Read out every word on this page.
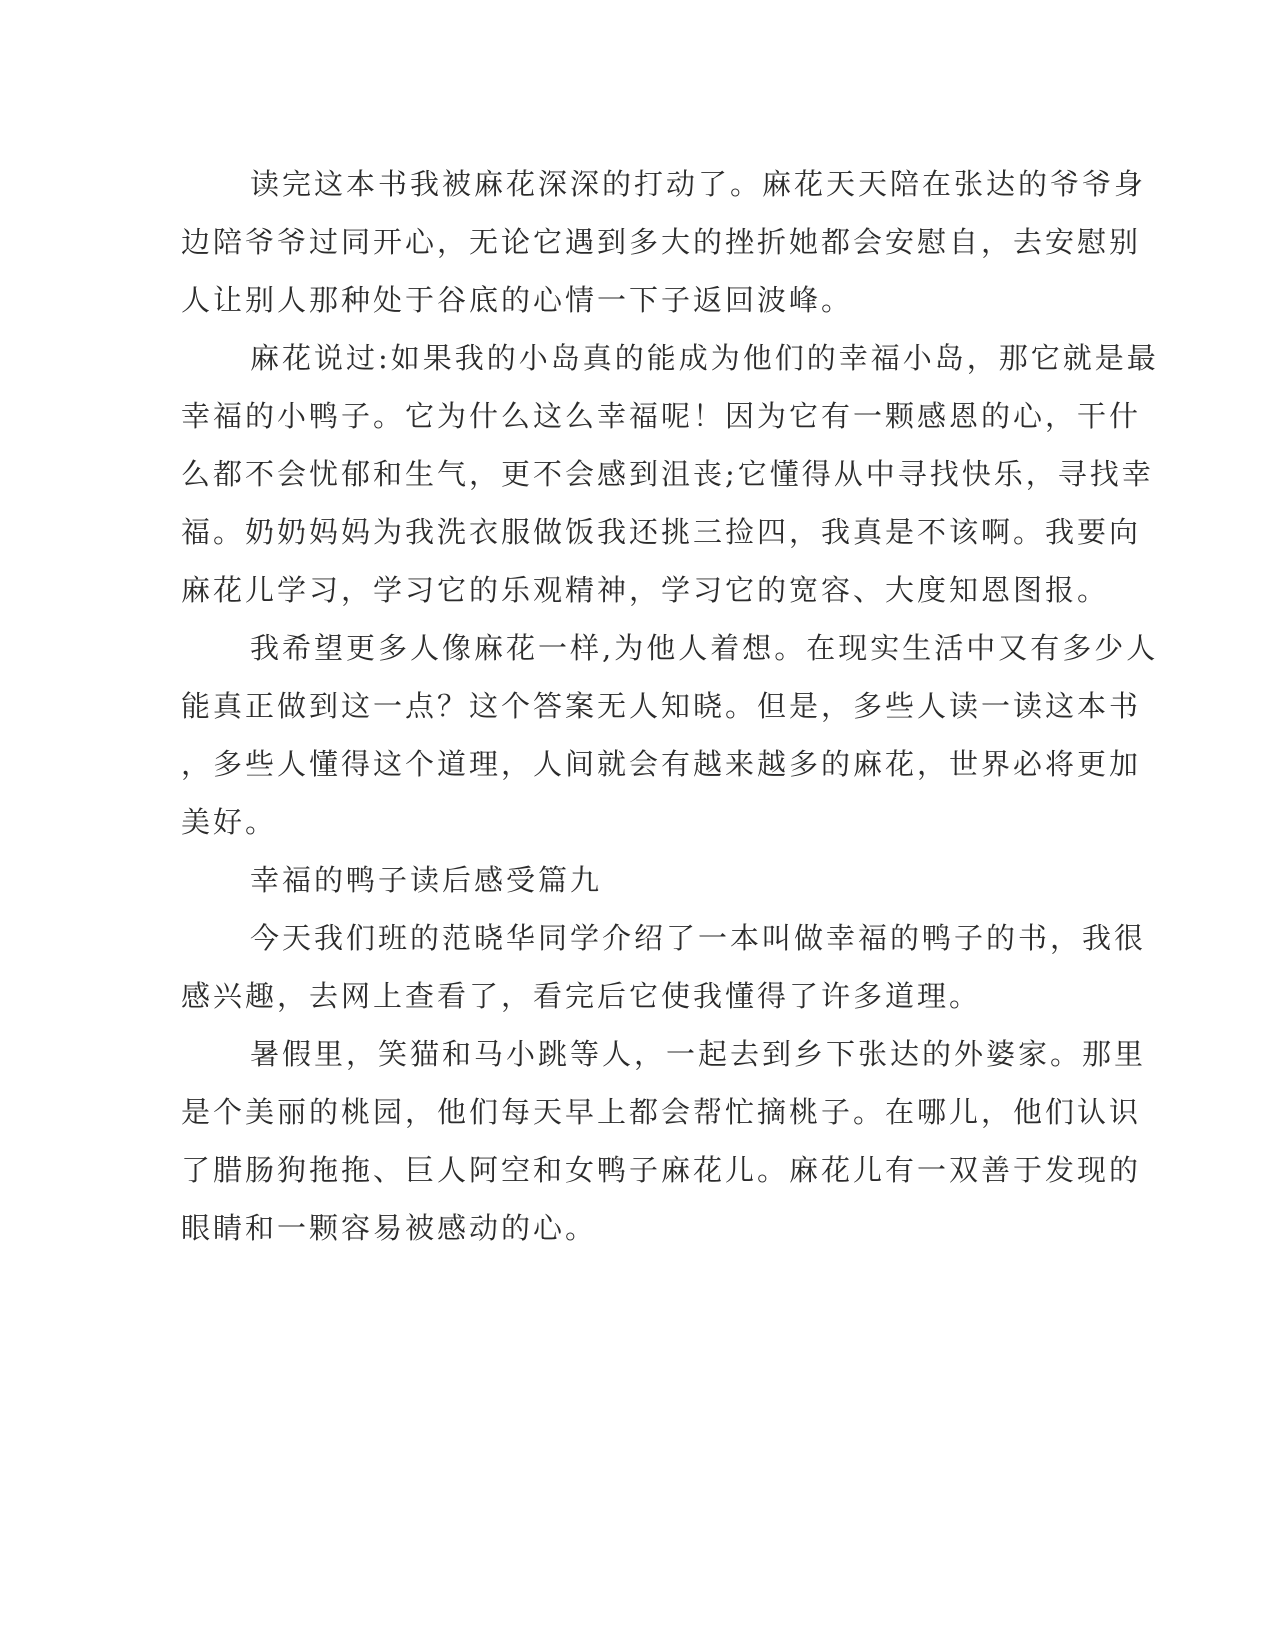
读完这本书我被麻花深深的打动了。麻花天天陪在张达的爷爷身
边陪爷爷过同开心，无论它遇到多大的挫折她都会安慰自，去安慰别
人让别人那种处于谷底的心情一下子返回波峰。
麻花说过:如果我的小岛真的能成为他们的幸福小岛，那它就是最
幸福的小鸭子。它为什么这么幸福呢！因为它有一颗感恩的心，干什
么都不会忧郁和生气，更不会感到沮丧;它懂得从中寻找快乐，寻找幸
福。奶奶妈妈为我洗衣服做饭我还挑三捡四，我真是不该啊。我要向
麻花儿学习，学习它的乐观精神，学习它的宽容、大度知恩图报。
我希望更多人像麻花一样,为他人着想。在现实生活中又有多少人
能真正做到这一点？这个答案无人知晓。但是，多些人读一读这本书
，多些人懂得这个道理，人间就会有越来越多的麻花，世界必将更加
美好。
幸福的鸭子读后感受篇九
今天我们班的范晓华同学介绍了一本叫做幸福的鸭子的书，我很
感兴趣，去网上查看了，看完后它使我懂得了许多道理。
暑假里，笑猫和马小跳等人，一起去到乡下张达的外婆家。那里
是个美丽的桃园，他们每天早上都会帮忙摘桃子。在哪儿，他们认识
了腊肠狗拖拖、巨人阿空和女鸭子麻花儿。麻花儿有一双善于发现的
眼睛和一颗容易被感动的心。
